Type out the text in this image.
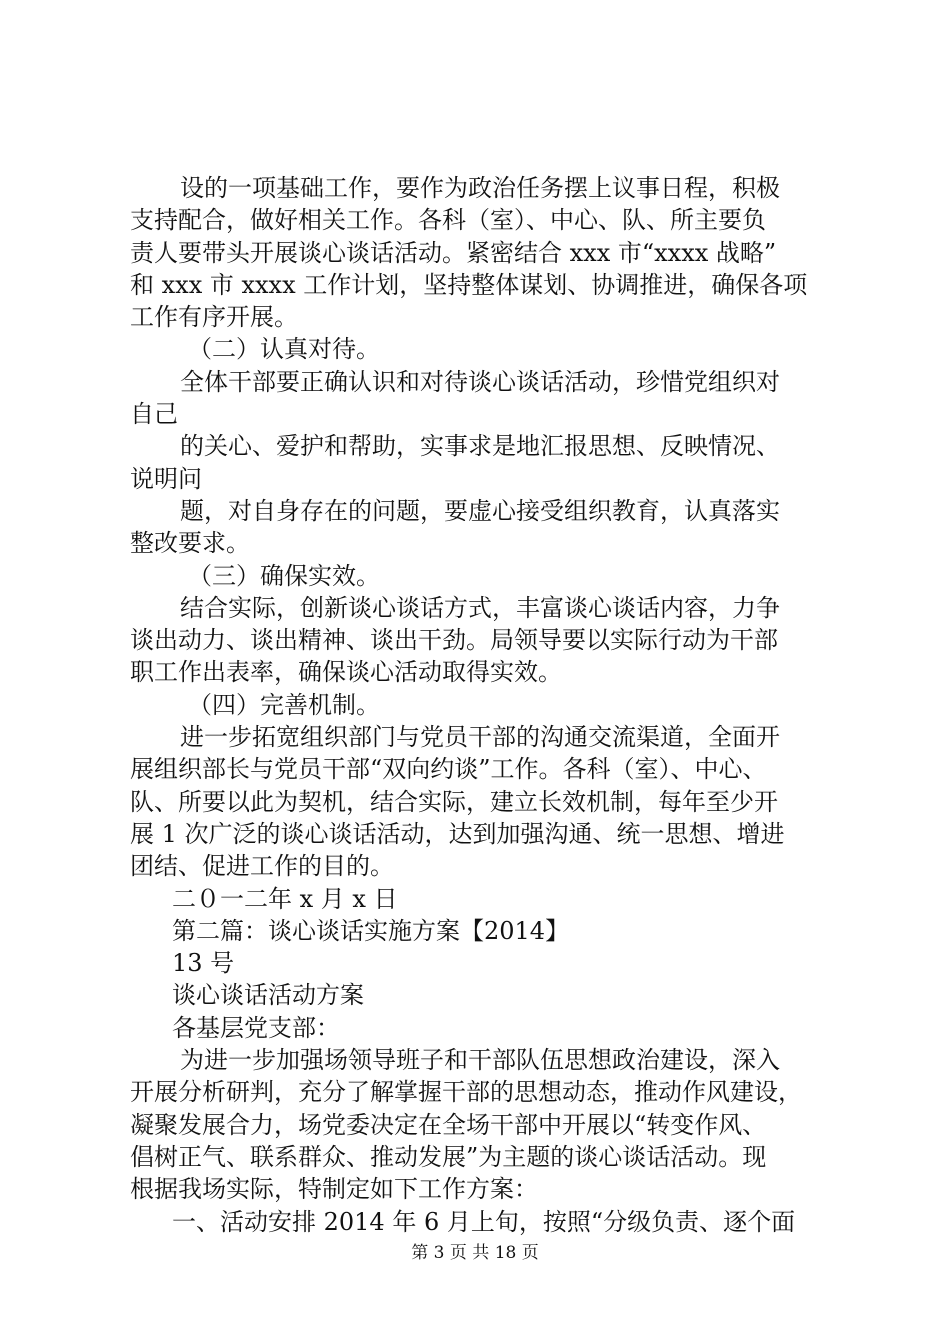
设的一项基础工作，要作为政治任务摆上议事日程，积极
支持配合，做好相关工作。各科（室）、中心、队、所主要负
责人要带头开展谈心谈话活动。紧密结合 xxx 市“xxxx 战略”
和 xxx 市 xxxx 工作计划，坚持整体谋划、协调推进，确保各项
工作有序开展。
（二）认真对待。
全体干部要正确认识和对待谈心谈话活动，珍惜党组织对
自己
的关心、爱护和帮助，实事求是地汇报思想、反映情况、
说明问
题，对自身存在的问题，要虚心接受组织教育，认真落实
整改要求。
（三）确保实效。
结合实际，创新谈心谈话方式，丰富谈心谈话内容，力争
谈出动力、谈出精神、谈出干劲。局领导要以实际行动为干部
职工作出表率，确保谈心活动取得实效。
（四）完善机制。
进一步拓宽组织部门与党员干部的沟通交流渠道，全面开
展组织部长与党员干部“双向约谈”工作。各科（室）、中心、
队、所要以此为契机，结合实际，建立长效机制，每年至少开
展 1 次广泛的谈心谈话活动，达到加强沟通、统一思想、增进
团结、促进工作的目的。
二０一二年 x 月 x 日
第二篇：谈心谈话实施方案【2014】
13 号
谈心谈话活动方案
各基层党支部：
为进一步加强场领导班子和干部队伍思想政治建设，深入
开展分析研判，充分了解掌握干部的思想动态，推动作风建设，
凝聚发展合力，场党委决定在全场干部中开展以“转变作风、
倡树正气、联系群众、推动发展”为主题的谈心谈话活动。现
根据我场实际，特制定如下工作方案：
一、活动安排 2014 年 6 月上旬，按照“分级负责、逐个面
第 3 页 共 18 页
